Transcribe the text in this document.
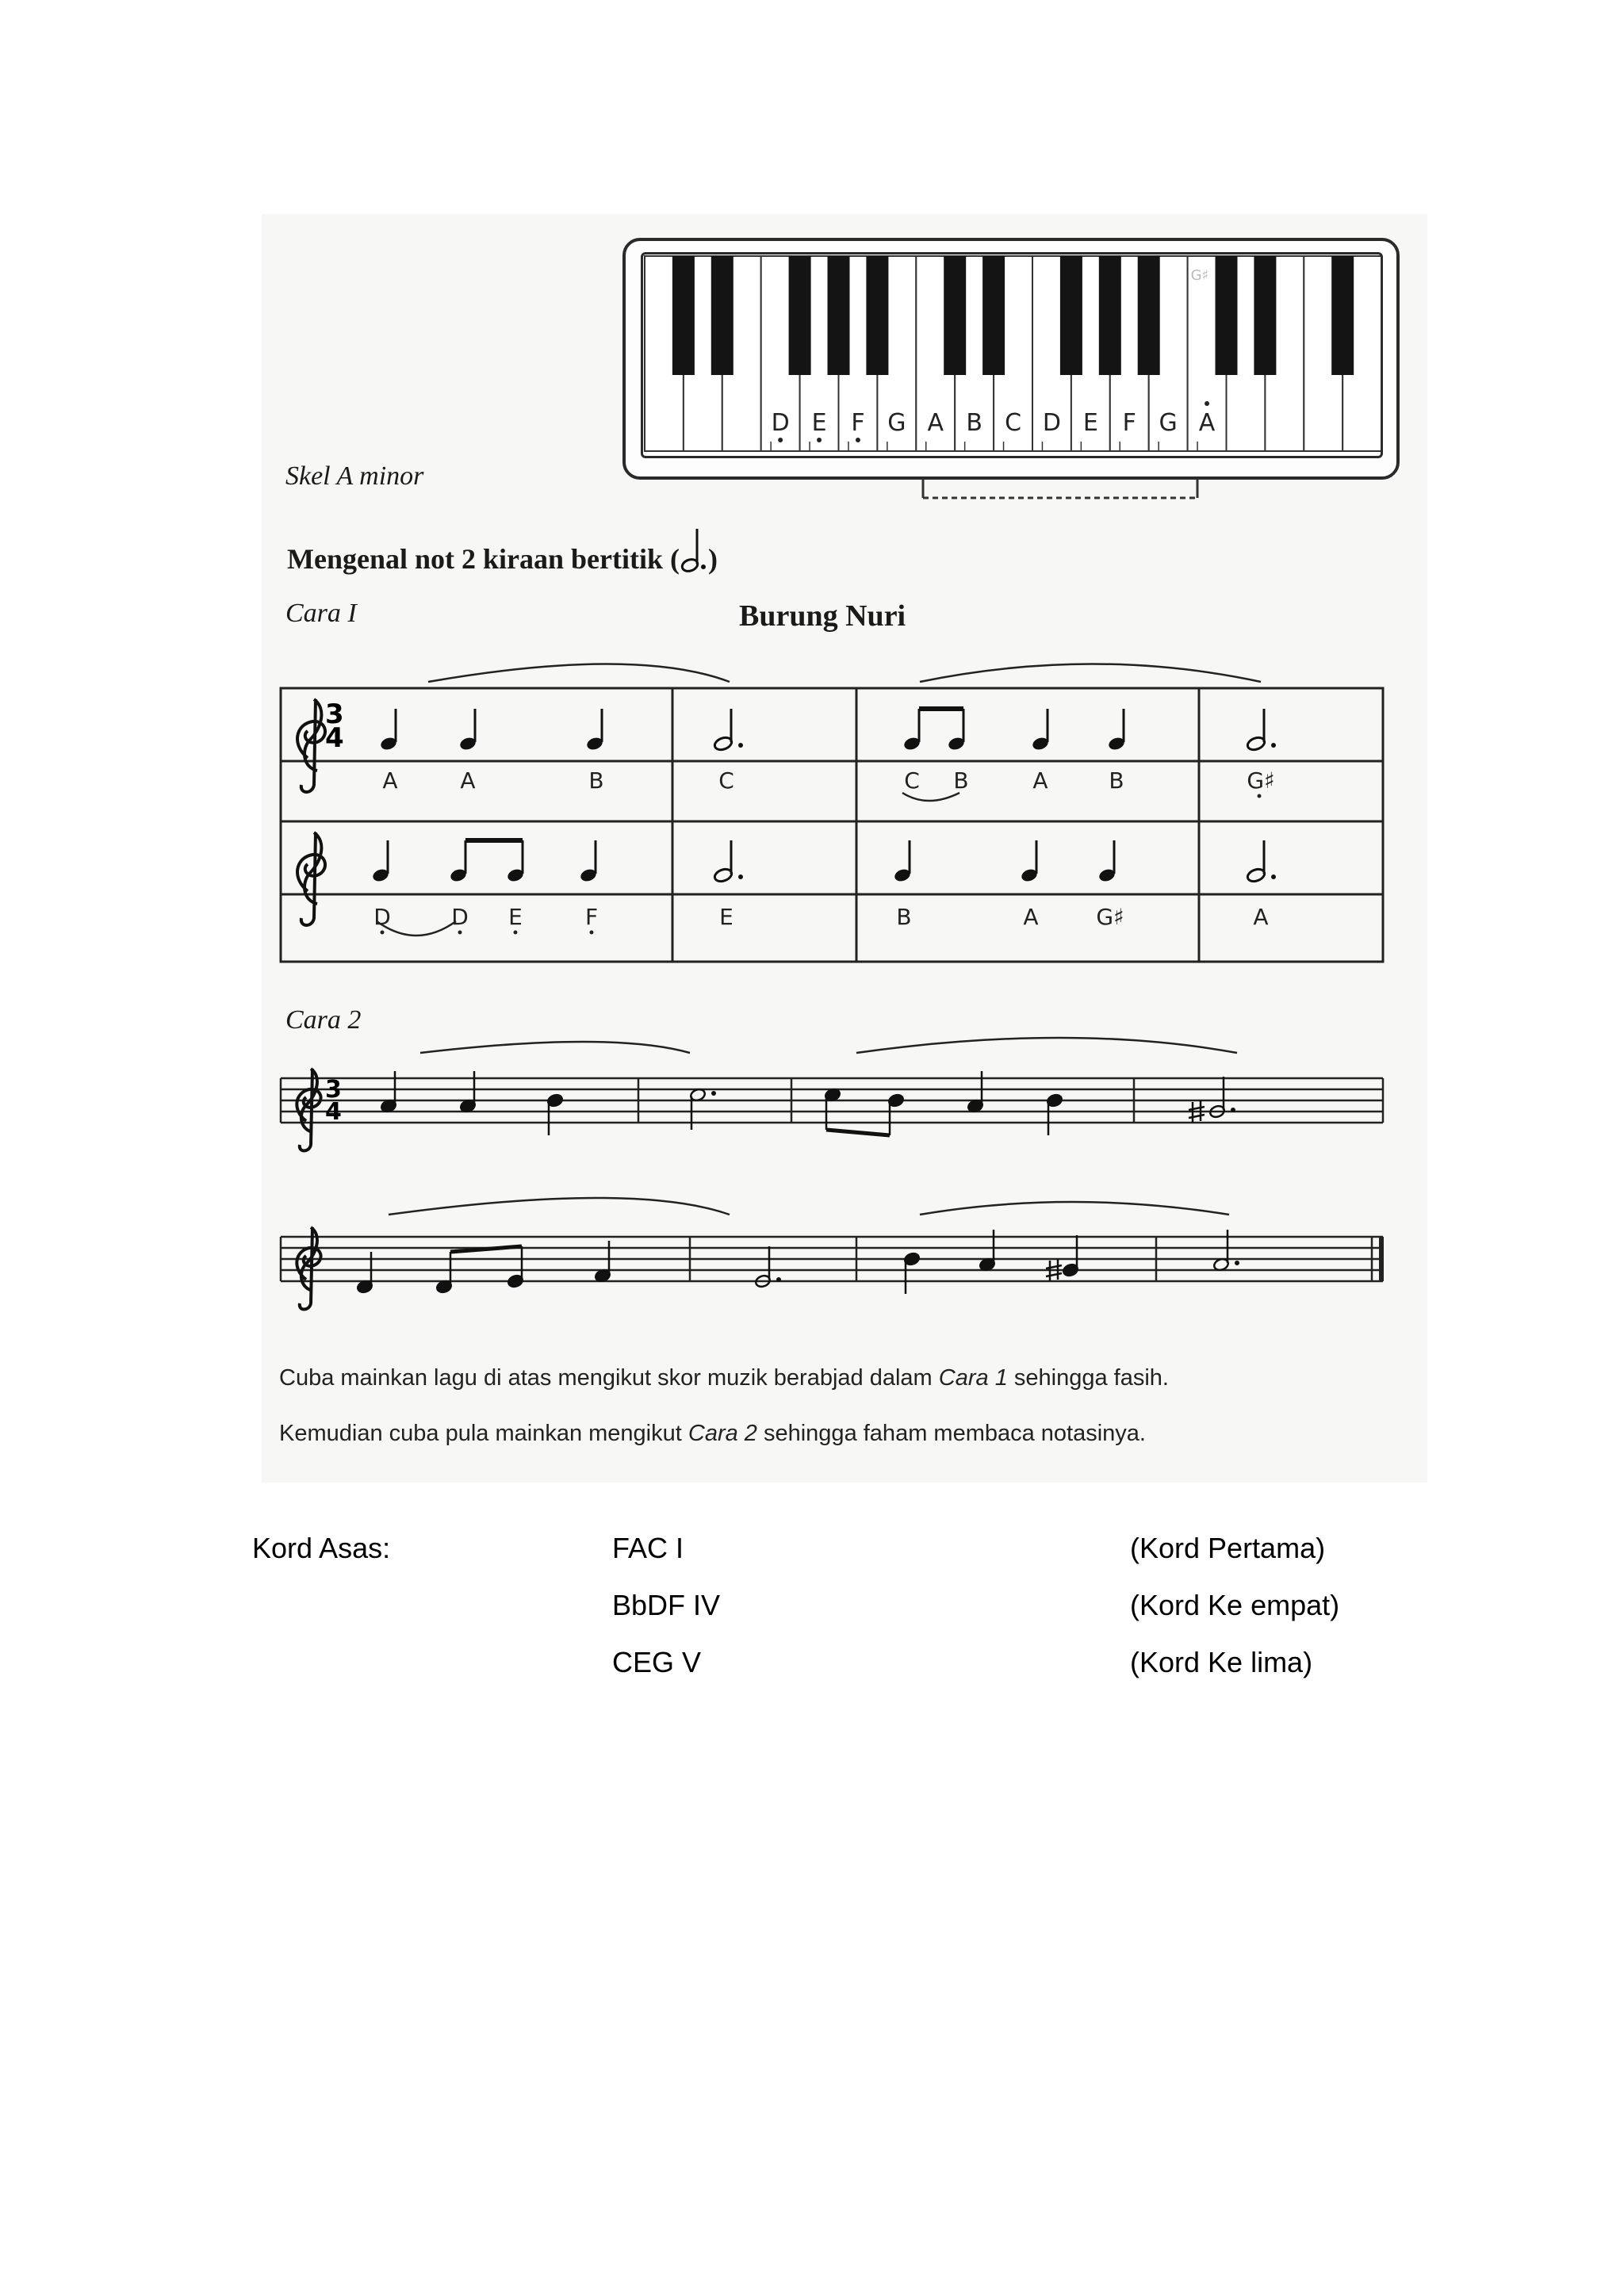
D E F G A B C D E F G A
G♯
Skel A minor
Mengenal not 2 kiraan bertitik ( )
Cara I	Burung Nuri
3
4
A	A	B	C	C B	A	B	G♯
D	D E	F	E	B	A	G♯	A
Cara 2
3
4
Cuba mainkan lagu di atas mengikut skor muzik berabjad dalam Cara 1 sehingga fasih.
Kemudian cuba pula mainkan mengikut Cara 2 sehingga faham membaca notasinya.
Kord Asas:	FAC I	(Kord Pertama)
BbDF IV	(Kord Ke empat)
CEG V	(Kord Ke lima)
